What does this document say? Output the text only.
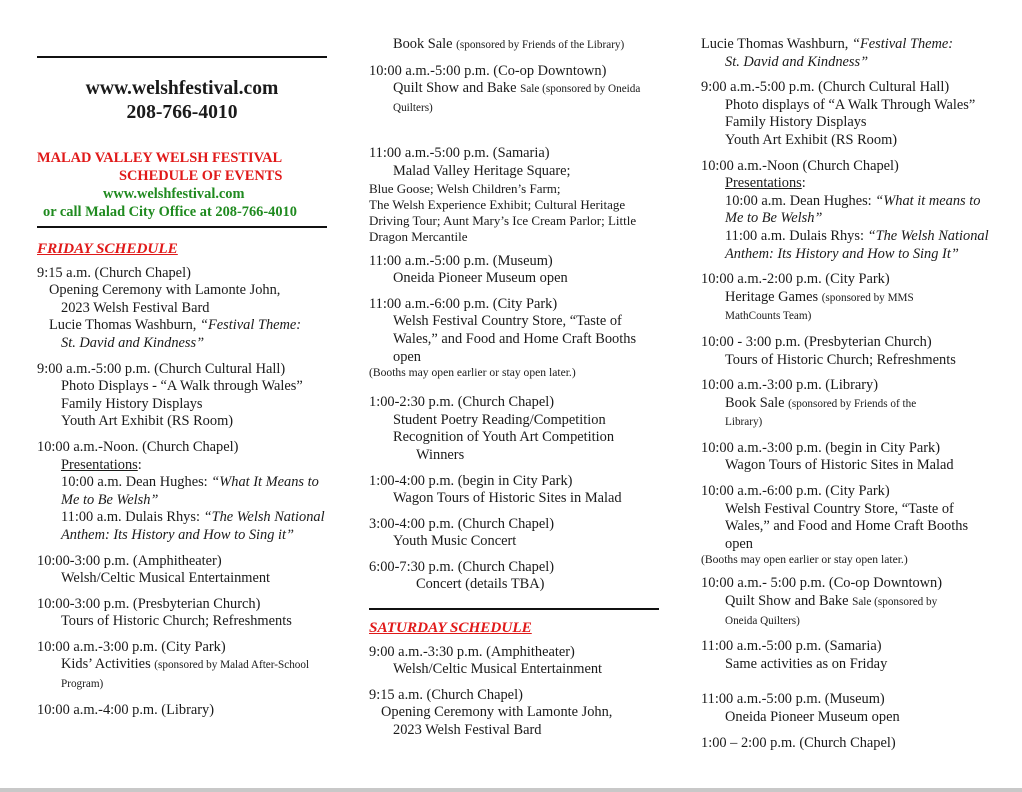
www.welshfestival.com
208-766-4010
MALAD VALLEY WELSH FESTIVAL
SCHEDULE OF EVENTS
www.welshfestival.com
or call Malad City Office at 208-766-4010
FRIDAY SCHEDULE
9:15 a.m. (Church Chapel)
Opening Ceremony with Lamonte John,
2023 Welsh Festival Bard
Lucie Thomas Washburn, “Festival Theme:
St. David and Kindness”
9:00 a.m.-5:00 p.m. (Church Cultural Hall)
Photo Displays - “A Walk through Wales”
Family History Displays
Youth Art Exhibit (RS Room)
10:00 a.m.-Noon. (Church Chapel)
Presentations:
10:00 a.m. Dean Hughes: “What It Means to Me to Be Welsh”
11:00 a.m. Dulais Rhys: “The Welsh National Anthem: Its History and How to Sing it”
10:00-3:00 p.m. (Amphitheater)
Welsh/Celtic Musical Entertainment
10:00-3:00 p.m. (Presbyterian Church)
Tours of Historic Church; Refreshments
10:00 a.m.-3:00 p.m. (City Park)
Kids’ Activities (sponsored by Malad After-School Program)
10:00 a.m.-4:00 p.m. (Library)
Book Sale (sponsored by Friends of the Library)
10:00 a.m.-5:00 p.m. (Co-op Downtown)
Quilt Show and Bake Sale (sponsored by Oneida Quilters)
11:00 a.m.-5:00 p.m. (Samaria)
Malad Valley Heritage Square;
Blue Goose; Welsh Children’s Farm;
The Welsh Experience Exhibit; Cultural Heritage Driving Tour; Aunt Mary’s Ice Cream Parlor; Little Dragon Mercantile
11:00 a.m.-5:00 p.m. (Museum)
Oneida Pioneer Museum open
11:00 a.m.-6:00 p.m. (City Park)
Welsh Festival Country Store, “Taste of Wales,” and Food and Home Craft Booths open
(Booths may open earlier or stay open later.)
1:00-2:30 p.m. (Church Chapel)
Student Poetry Reading/Competition
Recognition of Youth Art Competition
Winners
1:00-4:00 p.m. (begin in City Park)
Wagon Tours of Historic Sites in Malad
3:00-4:00 p.m. (Church Chapel)
Youth Music Concert
6:00-7:30 p.m. (Church Chapel)
Concert (details TBA)
SATURDAY SCHEDULE
9:00 a.m.-3:30 p.m. (Amphitheater)
Welsh/Celtic Musical Entertainment
9:15 a.m. (Church Chapel)
Opening Ceremony with Lamonte John,
2023 Welsh Festival Bard
Lucie Thomas Washburn, “Festival Theme:
St. David and Kindness”
9:00 a.m.-5:00 p.m. (Church Cultural Hall)
Photo displays of “A Walk Through Wales”
Family History Displays
Youth Art Exhibit (RS Room)
10:00 a.m.-Noon (Church Chapel)
Presentations:
10:00 a.m. Dean Hughes: “What it means to Me to Be Welsh”
11:00 a.m. Dulais Rhys: “The Welsh National Anthem: Its History and How to Sing It”
10:00 a.m.-2:00 p.m. (City Park)
Heritage Games (sponsored by MMS MathCounts Team)
10:00 - 3:00 p.m. (Presbyterian Church)
Tours of Historic Church; Refreshments
10:00 a.m.-3:00 p.m. (Library)
Book Sale (sponsored by Friends of the Library)
10:00 a.m.-3:00 p.m. (begin in City Park)
Wagon Tours of Historic Sites in Malad
10:00 a.m.-6:00 p.m. (City Park)
Welsh Festival Country Store, “Taste of Wales,” and Food and Home Craft Booths open
(Booths may open earlier or stay open later.)
10:00 a.m.- 5:00 p.m. (Co-op Downtown)
Quilt Show and Bake Sale (sponsored by Oneida Quilters)
11:00 a.m.-5:00 p.m. (Samaria)
Same activities as on Friday
11:00 a.m.-5:00 p.m. (Museum)
Oneida Pioneer Museum open
1:00 – 2:00 p.m. (Church Chapel)
